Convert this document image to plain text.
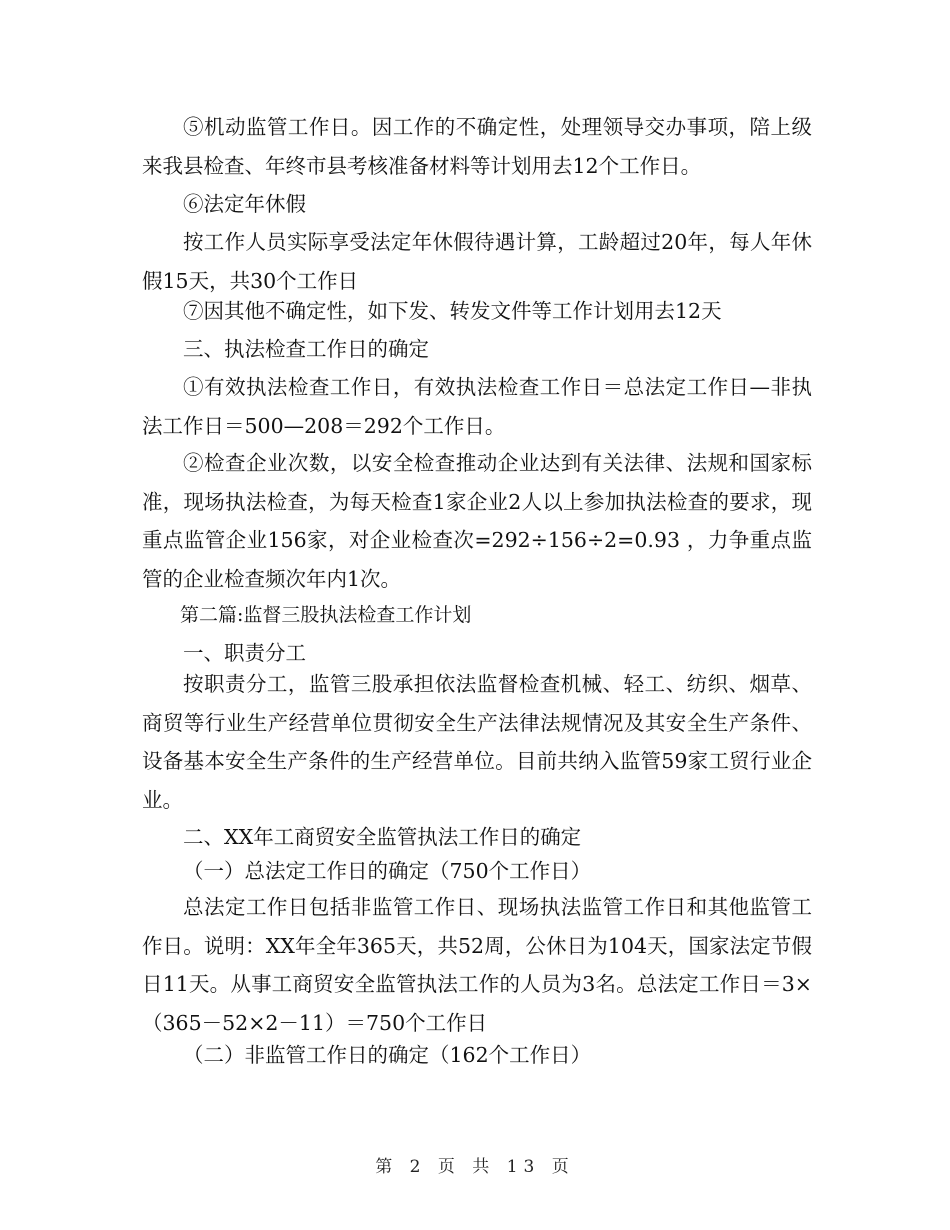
⑤机动监管工作日。因工作的不确定性，处理领导交办事项，陪上级来我县检查、年终市县考核准备材料等计划用去12个工作日。

⑥法定年休假

按工作人员实际享受法定年休假待遇计算，工龄超过20年，每人年休假15天，共30个工作日

⑦因其他不确定性，如下发、转发文件等工作计划用去12天

三、执法检查工作日的确定

①有效执法检查工作日，有效执法检查工作日＝总法定工作日—非执法工作日＝500—208＝292个工作日。

②检查企业次数，以安全检查推动企业达到有关法律、法规和国家标准，现场执法检查，为每天检查1家企业2人以上参加执法检查的要求，现重点监管企业156家，对企业检查次=292÷156÷2=0.93 ，力争重点监管的企业检查频次年内1次。

第二篇:监督三股执法检查工作计划

一、职责分工

按职责分工，监管三股承担依法监督检查机械、轻工、纺织、烟草、商贸等行业生产经营单位贯彻安全生产法律法规情况及其安全生产条件、设备基本安全生产条件的生产经营单位。目前共纳入监管59家工贸行业企业。

二、XX年工商贸安全监管执法工作日的确定

（一）总法定工作日的确定（750个工作日）

总法定工作日包括非监管工作日、现场执法监管工作日和其他监管工作日。说明：XX年全年365天，共52周，公休日为104天，国家法定节假日11天。从事工商贸安全监管执法工作的人员为3名。总法定工作日＝3×（365－52×2－11）＝750个工作日

（二）非监管工作日的确定（162个工作日）

第 2 页 共 13 页
